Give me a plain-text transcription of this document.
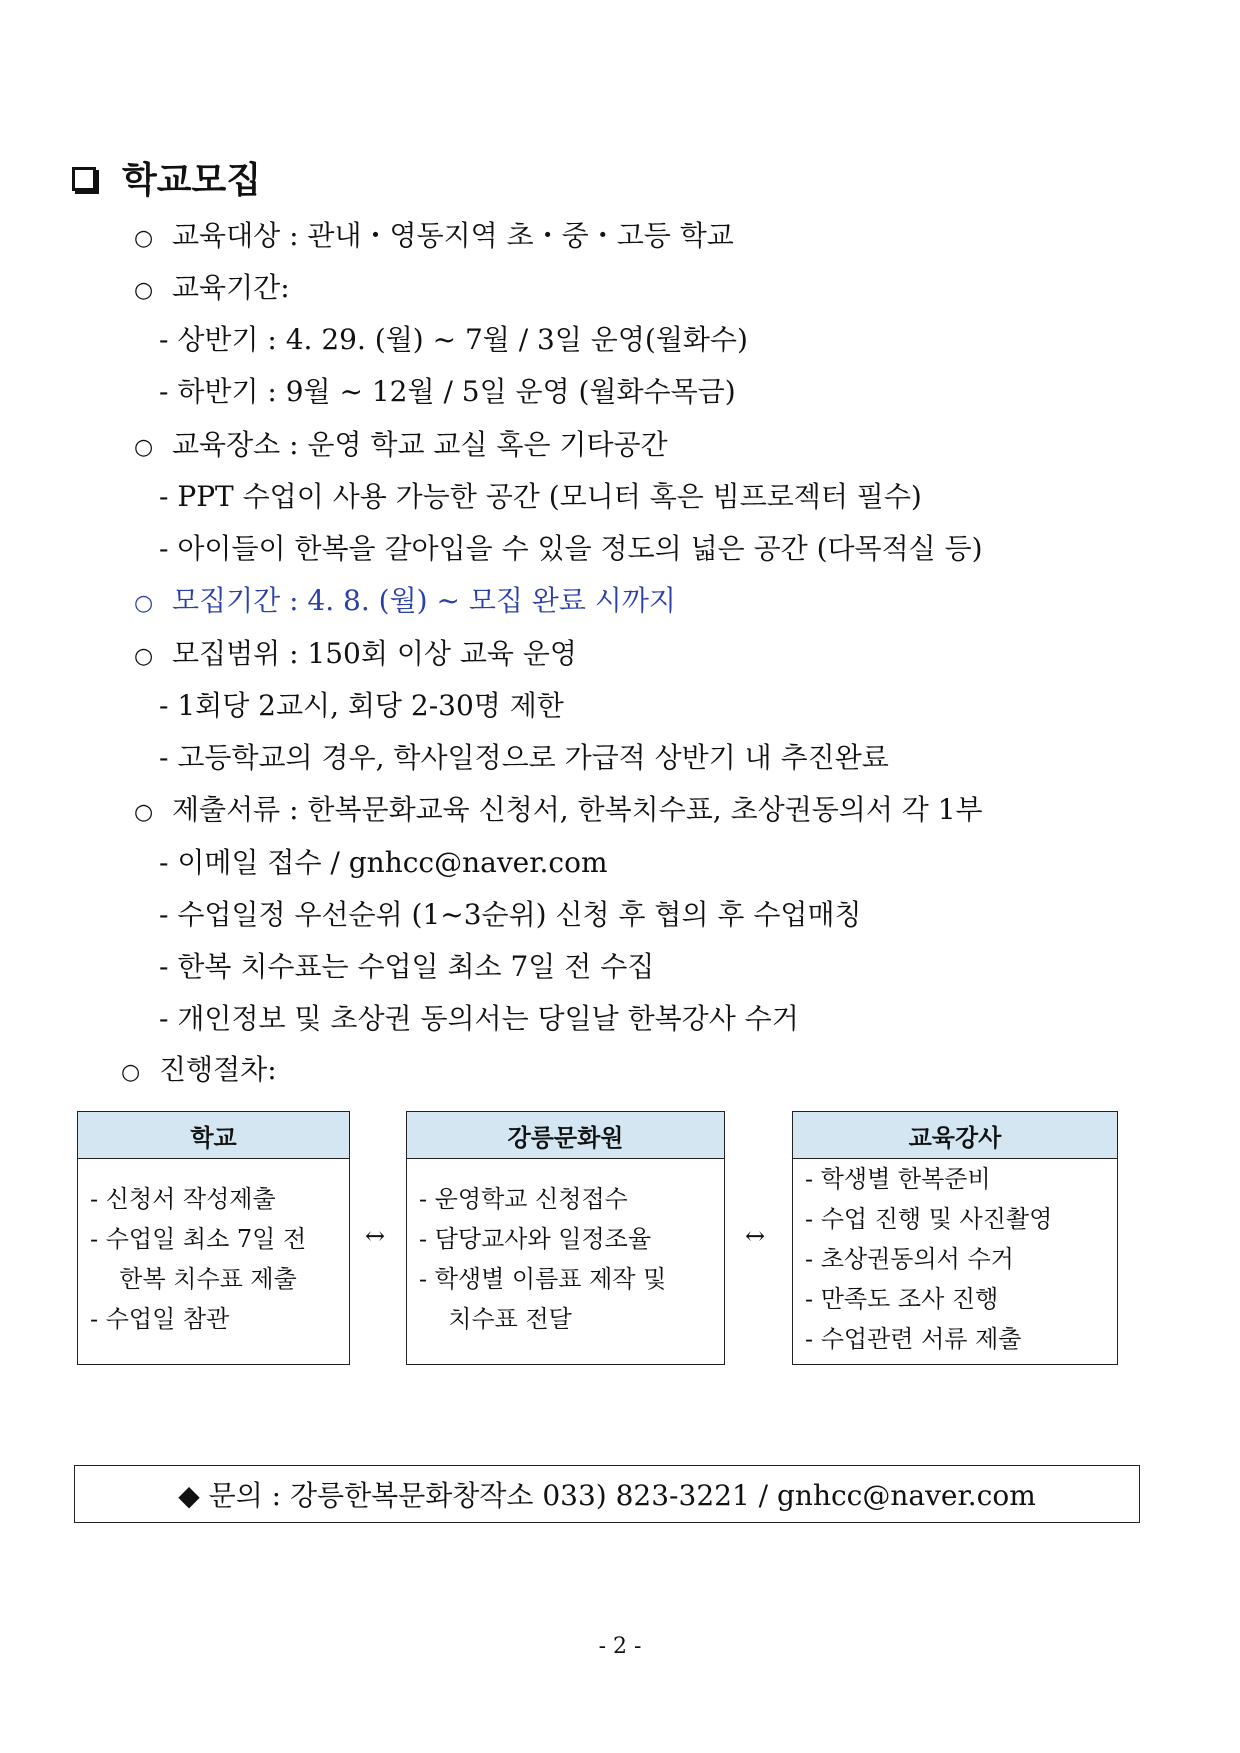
학교모집
○ 교육대상 : 관내・영동지역 초・중・고등 학교
○ 교육기간:
- 상반기 : 4. 29. (월) ~ 7월 / 3일 운영(월화수)
- 하반기 : 9월 ~ 12월 / 5일 운영 (월화수목금)
○ 교육장소 : 운영 학교 교실 혹은 기타공간
- PPT 수업이 사용 가능한 공간 (모니터 혹은 빔프로젝터 필수)
- 아이들이 한복을 갈아입을 수 있을 정도의 넓은 공간 (다목적실 등)
○ 모집기간 : 4. 8. (월) ~ 모집 완료 시까지
○ 모집범위 : 150회 이상 교육 운영
- 1회당 2교시, 회당 2-30명 제한
- 고등학교의 경우, 학사일정으로 가급적 상반기 내 추진완료
○ 제출서류 : 한복문화교육 신청서, 한복치수표, 초상권동의서 각 1부
- 이메일 접수 / gnhcc@naver.com
- 수업일정 우선순위 (1~3순위) 신청 후 협의 후 수업매칭
- 한복 치수표는 수업일 최소 7일 전 수집
- 개인정보 및 초상권 동의서는 당일날 한복강사 수거
○ 진행절차:
학교
- 신청서 작성제출
- 수업일 최소 7일 전
한복 치수표 제출
- 수업일 참관
↔
강릉문화원
- 운영학교 신청접수
- 담당교사와 일정조율
- 학생별 이름표 제작 및
치수표 전달
↔
교육강사
- 학생별 한복준비
- 수업 진행 및 사진촬영
- 초상권동의서 수거
- 만족도 조사 진행
- 수업관련 서류 제출
◆ 문의 : 강릉한복문화창작소 033) 823-3221 / gnhcc@naver.com
- 2 -
